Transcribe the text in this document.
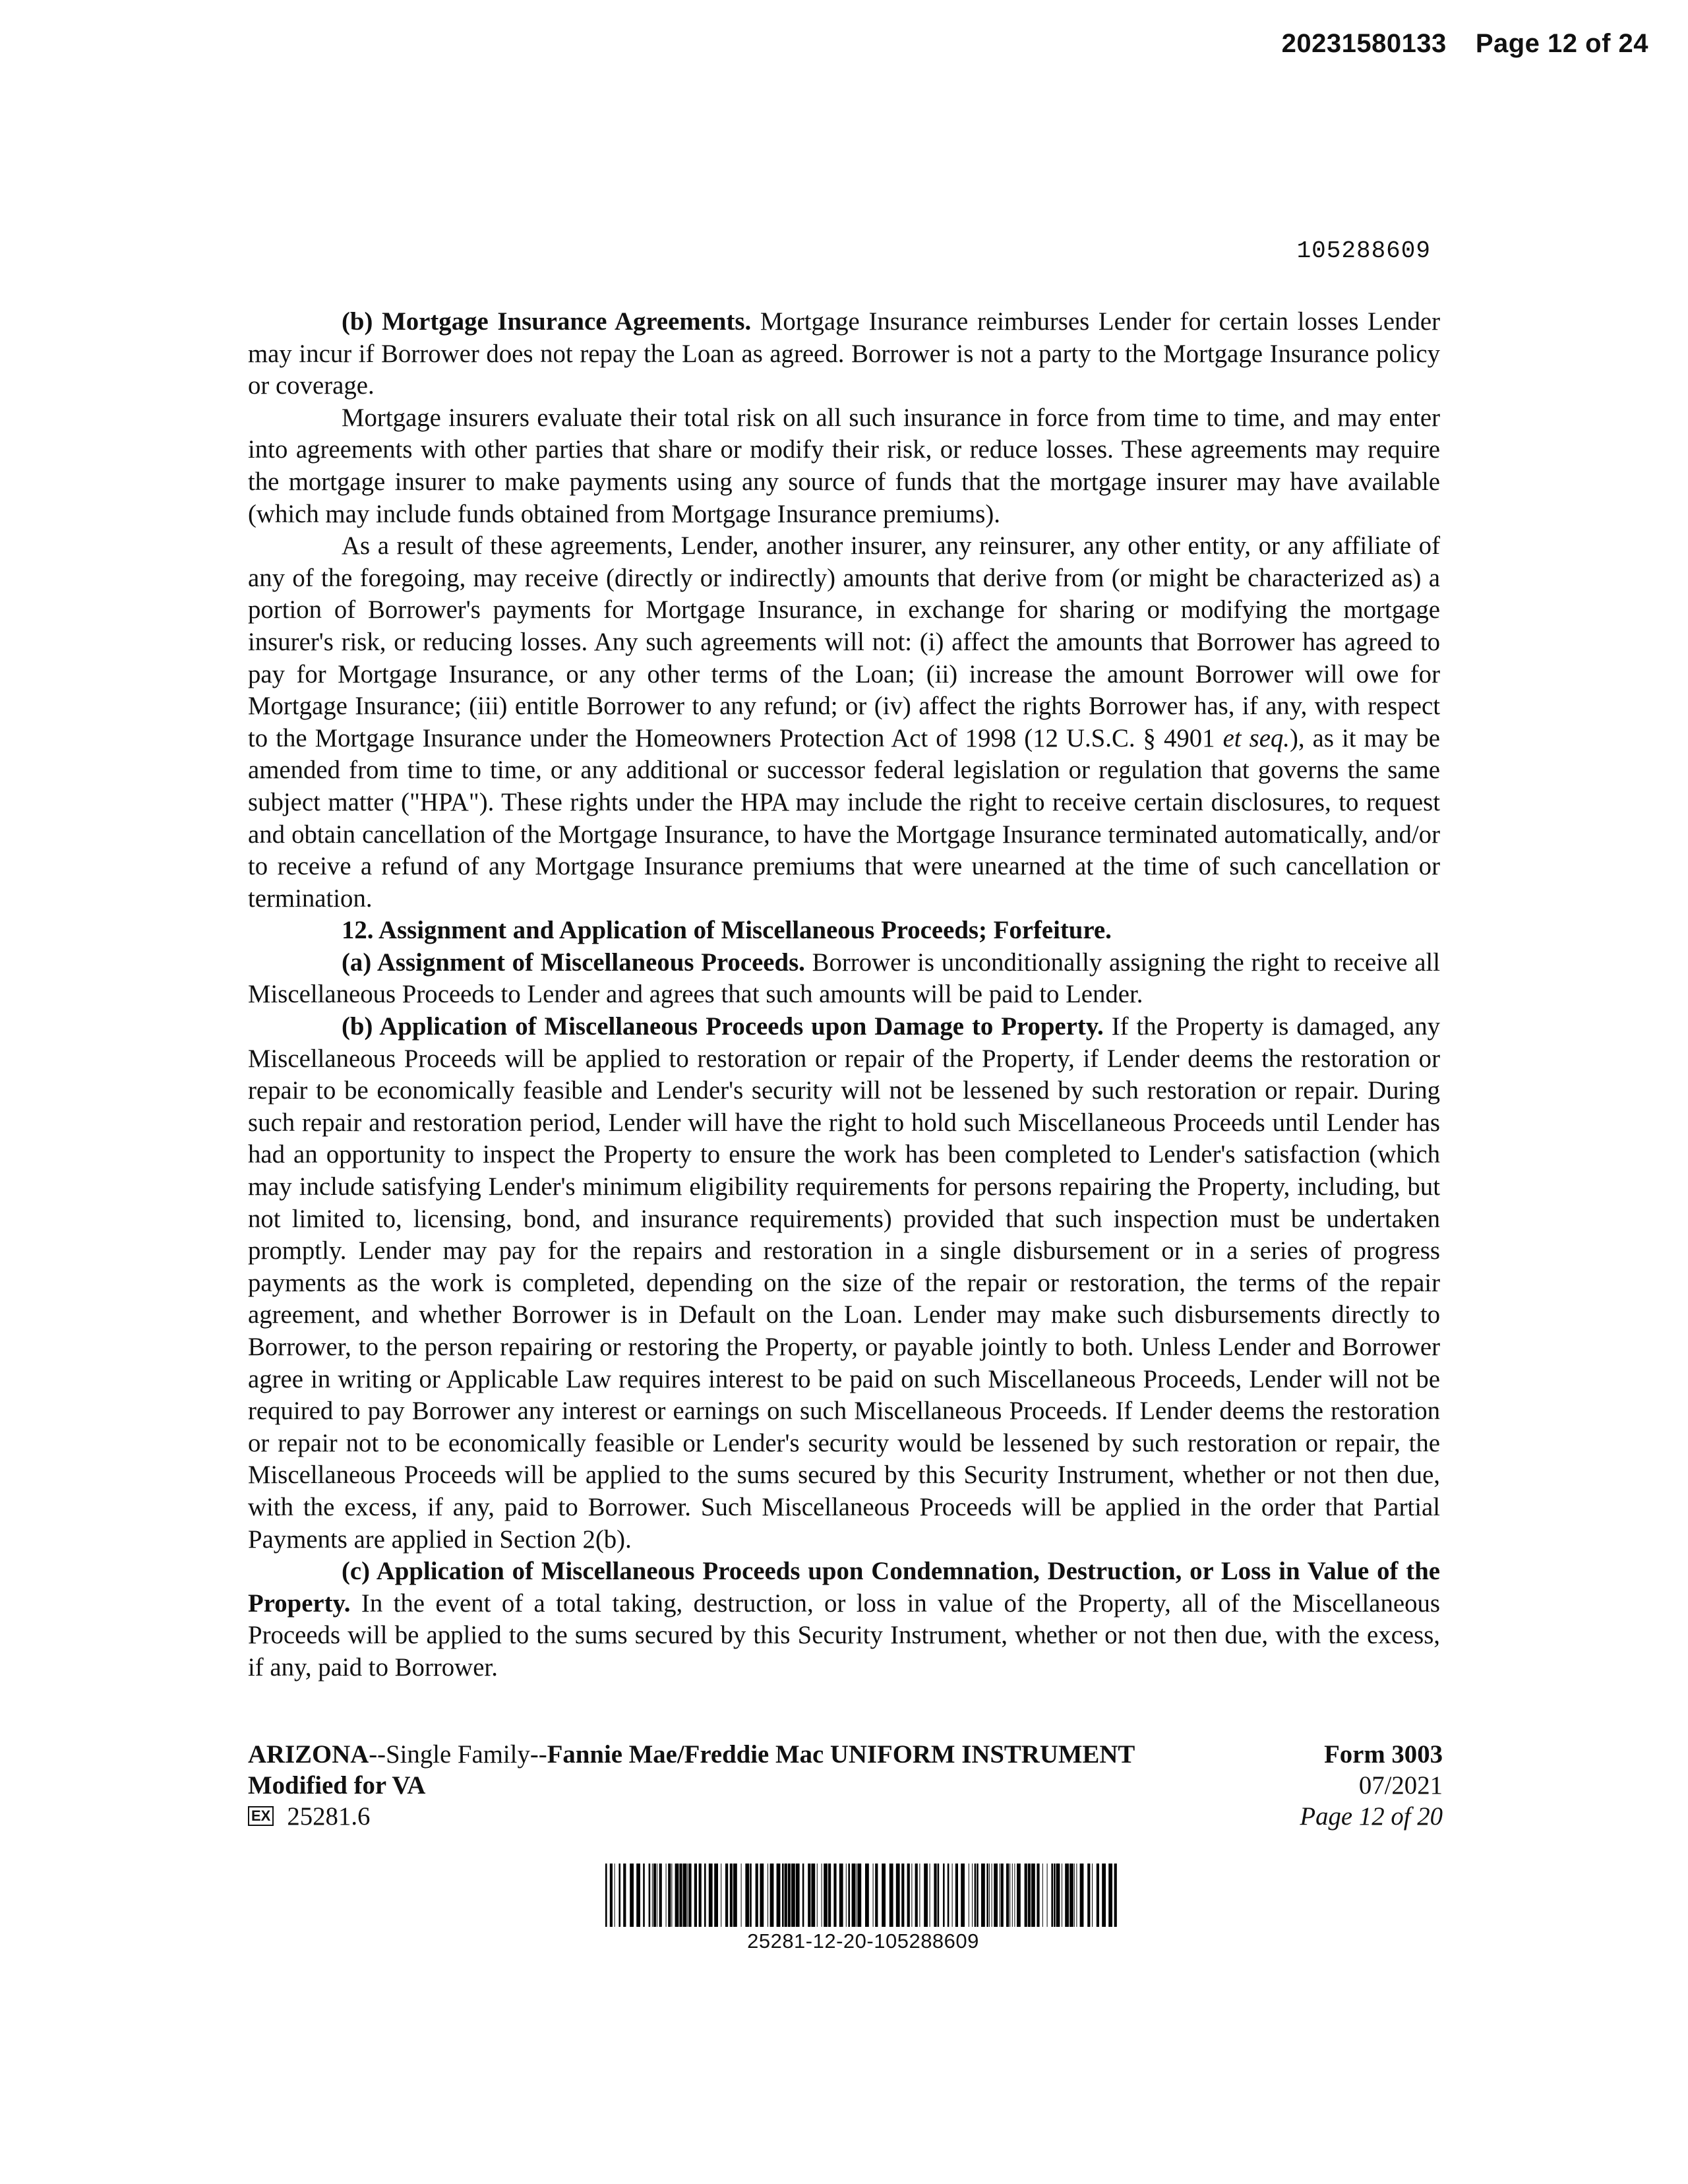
20231580133 Page 12 of 24
105288609

(b) Mortgage Insurance Agreements. Mortgage Insurance reimburses Lender for certain losses Lender may incur if Borrower does not repay the Loan as agreed. Borrower is not a party to the Mortgage Insurance policy or coverage.

Mortgage insurers evaluate their total risk on all such insurance in force from time to time, and may enter into agreements with other parties that share or modify their risk, or reduce losses. These agreements may require the mortgage insurer to make payments using any source of funds that the mortgage insurer may have available (which may include funds obtained from Mortgage Insurance premiums).

As a result of these agreements, Lender, another insurer, any reinsurer, any other entity, or any affiliate of any of the foregoing, may receive (directly or indirectly) amounts that derive from (or might be characterized as) a portion of Borrower's payments for Mortgage Insurance, in exchange for sharing or modifying the mortgage insurer's risk, or reducing losses. Any such agreements will not: (i) affect the amounts that Borrower has agreed to pay for Mortgage Insurance, or any other terms of the Loan; (ii) increase the amount Borrower will owe for Mortgage Insurance; (iii) entitle Borrower to any refund; or (iv) affect the rights Borrower has, if any, with respect to the Mortgage Insurance under the Homeowners Protection Act of 1998 (12 U.S.C. § 4901 et seq.), as it may be amended from time to time, or any additional or successor federal legislation or regulation that governs the same subject matter ("HPA"). These rights under the HPA may include the right to receive certain disclosures, to request and obtain cancellation of the Mortgage Insurance, to have the Mortgage Insurance terminated automatically, and/or to receive a refund of any Mortgage Insurance premiums that were unearned at the time of such cancellation or termination.

12. Assignment and Application of Miscellaneous Proceeds; Forfeiture.

(a) Assignment of Miscellaneous Proceeds. Borrower is unconditionally assigning the right to receive all Miscellaneous Proceeds to Lender and agrees that such amounts will be paid to Lender.

(b) Application of Miscellaneous Proceeds upon Damage to Property. If the Property is damaged, any Miscellaneous Proceeds will be applied to restoration or repair of the Property, if Lender deems the restoration or repair to be economically feasible and Lender's security will not be lessened by such restoration or repair. During such repair and restoration period, Lender will have the right to hold such Miscellaneous Proceeds until Lender has had an opportunity to inspect the Property to ensure the work has been completed to Lender's satisfaction (which may include satisfying Lender's minimum eligibility requirements for persons repairing the Property, including, but not limited to, licensing, bond, and insurance requirements) provided that such inspection must be undertaken promptly. Lender may pay for the repairs and restoration in a single disbursement or in a series of progress payments as the work is completed, depending on the size of the repair or restoration, the terms of the repair agreement, and whether Borrower is in Default on the Loan. Lender may make such disbursements directly to Borrower, to the person repairing or restoring the Property, or payable jointly to both. Unless Lender and Borrower agree in writing or Applicable Law requires interest to be paid on such Miscellaneous Proceeds, Lender will not be required to pay Borrower any interest or earnings on such Miscellaneous Proceeds. If Lender deems the restoration or repair not to be economically feasible or Lender's security would be lessened by such restoration or repair, the Miscellaneous Proceeds will be applied to the sums secured by this Security Instrument, whether or not then due, with the excess, if any, paid to Borrower. Such Miscellaneous Proceeds will be applied in the order that Partial Payments are applied in Section 2(b).

(c) Application of Miscellaneous Proceeds upon Condemnation, Destruction, or Loss in Value of the Property. In the event of a total taking, destruction, or loss in value of the Property, all of the Miscellaneous Proceeds will be applied to the sums secured by this Security Instrument, whether or not then due, with the excess, if any, paid to Borrower.

ARIZONA--Single Family--Fannie Mae/Freddie Mac UNIFORM INSTRUMENT
Modified for VA
EX 25281.6
Form 3003
07/2021
Page 12 of 20
25281-12-20-105288609
